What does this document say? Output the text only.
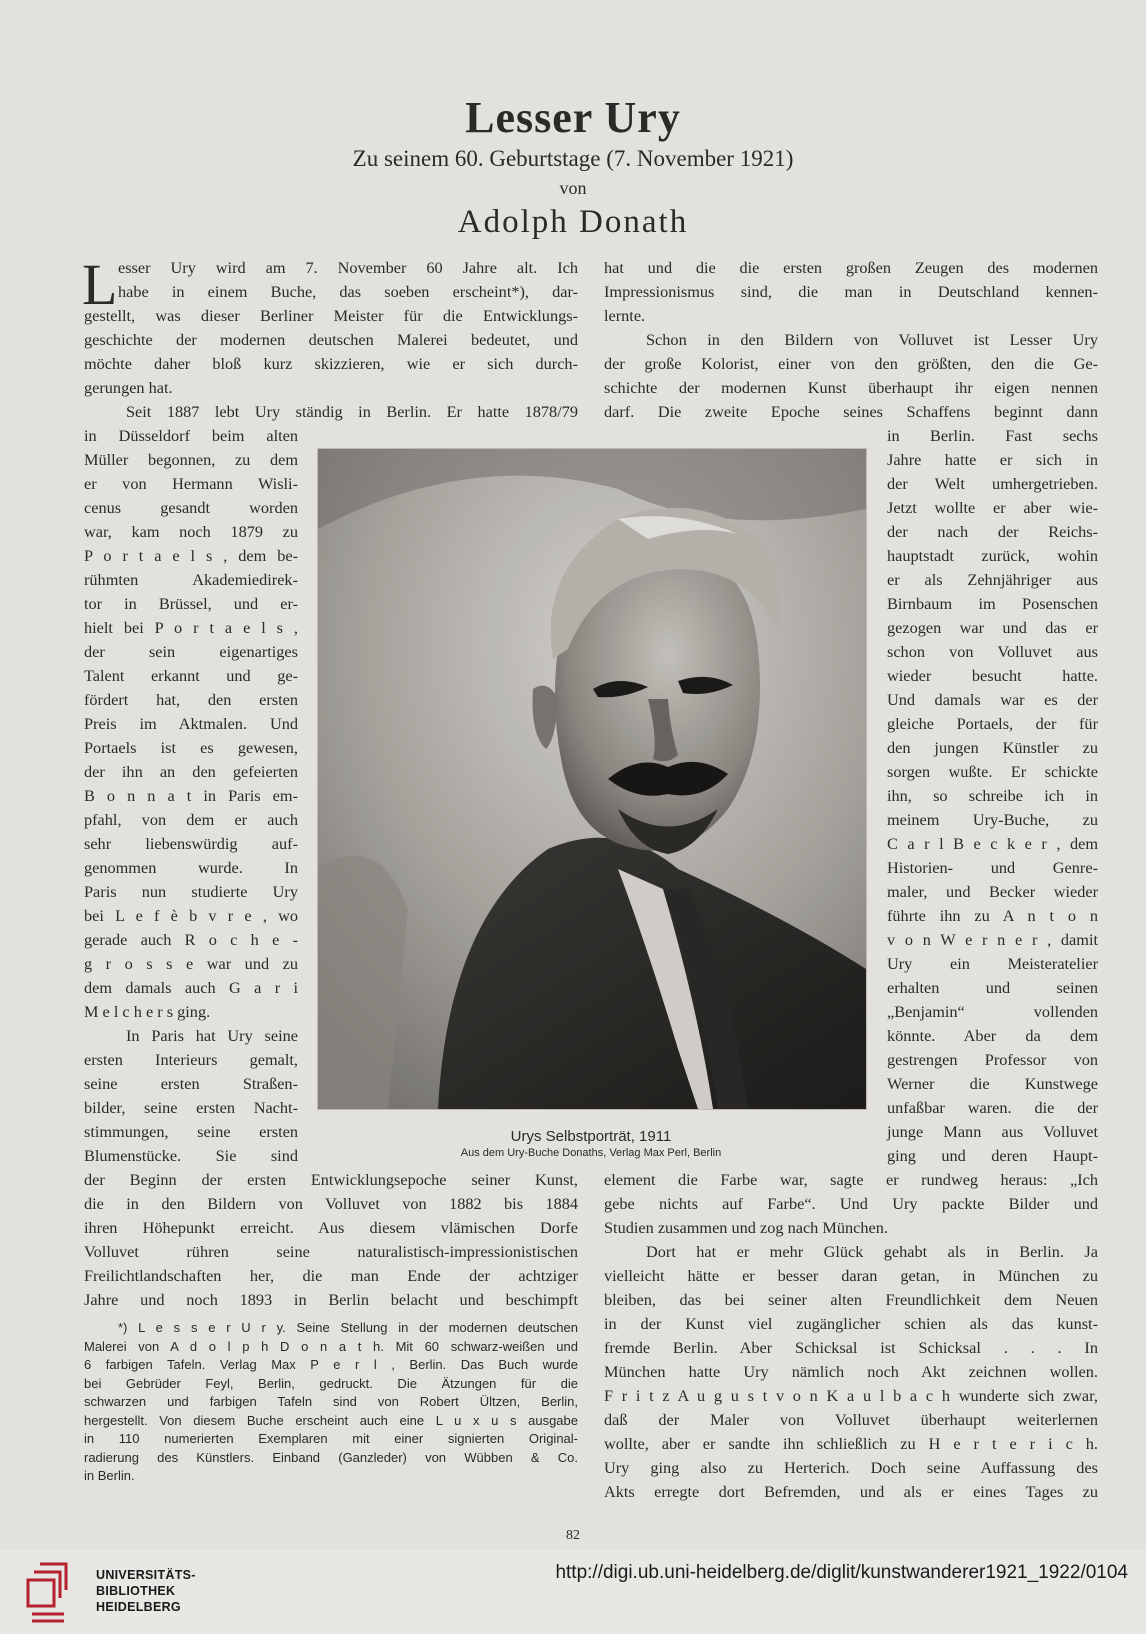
Lesser Ury
Zu seinem 60. Geburtstage (7. November 1921)
von
Adolph Donath
L esser Ury wird am 7. November 60 Jahre alt. Ich
habe in einem Buche, das soeben erscheint*), dar-
gestellt, was dieser Berliner Meister für die Entwicklungs-
geschichte der modernen deutschen Malerei bedeutet, und
möchte daher bloß kurz skizzieren, wie er sich durch-
gerungen hat.
Seit 1887 lebt Ury ständig in Berlin. Er hatte 1878/79
in Düsseldorf beim alten
Müller begonnen, zu dem
er von Hermann Wisli-
cenus gesandt worden
war, kam noch 1879 zu
P o r t a e l s , dem be-
rühmten Akademiedirek-
tor in Brüssel, und er-
hielt bei P o r t a e l s ,
der sein eigenartiges
Talent erkannt und ge-
fördert hat, den ersten
Preis im Aktmalen. Und
Portaels ist es gewesen,
der ihn an den gefeierten
B o n n a t in Paris em-
pfahl, von dem er auch
sehr liebenswürdig auf-
genommen wurde. In
Paris nun studierte Ury
bei L e f è b v r e , wo
gerade auch R o c h e -
g r o s s e war und zu
dem damals auch G a r i
M e l c h e r s ging.
In Paris hat Ury seine
ersten Interieurs gemalt,
seine ersten Straßen-
bilder, seine ersten Nacht-
stimmungen, seine ersten
Blumenstücke. Sie sind
der Beginn der ersten Entwicklungsepoche seiner Kunst,
die in den Bildern von Volluvet von 1882 bis 1884
ihren Höhepunkt erreicht. Aus diesem vlämischen Dorfe
Volluvet rühren seine naturalistisch-impressionistischen
Freilichtlandschaften her, die man Ende der achtziger
Jahre und noch 1893 in Berlin belacht und beschimpft
hat und die die ersten großen Zeugen des modernen
Impressionismus sind, die man in Deutschland kennen-
lernte.
Schon in den Bildern von Volluvet ist Lesser Ury
der große Kolorist, einer von den größten, den die Ge-
schichte der modernen Kunst überhaupt ihr eigen nennen
darf. Die zweite Epoche seines Schaffens beginnt dann
in Berlin. Fast sechs
Jahre hatte er sich in
der Welt umhergetrieben.
Jetzt wollte er aber wie-
der nach der Reichs-
hauptstadt zurück, wohin
er als Zehnjähriger aus
Birnbaum im Posenschen
gezogen war und das er
schon von Volluvet aus
wieder besucht hatte.
Und damals war es der
gleiche Portaels, der für
den jungen Künstler zu
sorgen wußte. Er schickte
ihn, so schreibe ich in
meinem Ury-Buche, zu
C a r l B e c k e r , dem
Historien- und Genre-
maler, und Becker wieder
führte ihn zu A n t o n
v o n W e r n e r , damit
Ury ein Meisteratelier
erhalten und seinen
„Benjamin“ vollenden
könnte. Aber da dem
gestrengen Professor von
Werner die Kunstwege
unfaßbar waren. die der
junge Mann aus Volluvet
ging und deren Haupt-
element die Farbe war, sagte er rundweg heraus: „Ich
gebe nichts auf Farbe“. Und Ury packte Bilder und
Studien zusammen und zog nach München.
Dort hat er mehr Glück gehabt als in Berlin. Ja
vielleicht hätte er besser daran getan, in München zu
bleiben, das bei seiner alten Freundlichkeit dem Neuen
in der Kunst viel zugänglicher schien als das kunst-
fremde Berlin. Aber Schicksal ist Schicksal . . . In
München hatte Ury nämlich noch Akt zeichnen wollen.
F r i t z A u g u s t v o n K a u l b a c h wunderte sich zwar,
daß der Maler von Volluvet überhaupt weiterlernen
wollte, aber er sandte ihn schließlich zu H e r t e r i c h.
Ury ging also zu Herterich. Doch seine Auffassung des
Akts erregte dort Befremden, und als er eines Tages zu
Urys Selbstporträt, 1911
Aus dem Ury-Buche Donaths, Verlag Max Perl, Berlin
*) L e s s e r U r y. Seine Stellung in der modernen deutschen
Malerei von A d o l p h D o n a t h. Mit 60 schwarz-weißen und
6 farbigen Tafeln. Verlag Max P e r l , Berlin. Das Buch wurde
bei Gebrüder Feyl, Berlin, gedruckt. Die Ätzungen für die
schwarzen und farbigen Tafeln sind von Robert Ültzen, Berlin,
hergestellt. Von diesem Buche erscheint auch eine L u x u s ausgabe
in 110 numerierten Exemplaren mit einer signierten Original-
radierung des Künstlers. Einband (Ganzleder) von Wübben & Co.
in Berlin.
82
UNIVERSITÄTS-
BIBLIOTHEK
HEIDELBERG
http://digi.ub.uni-heidelberg.de/diglit/kunstwanderer1921_1922/0104
